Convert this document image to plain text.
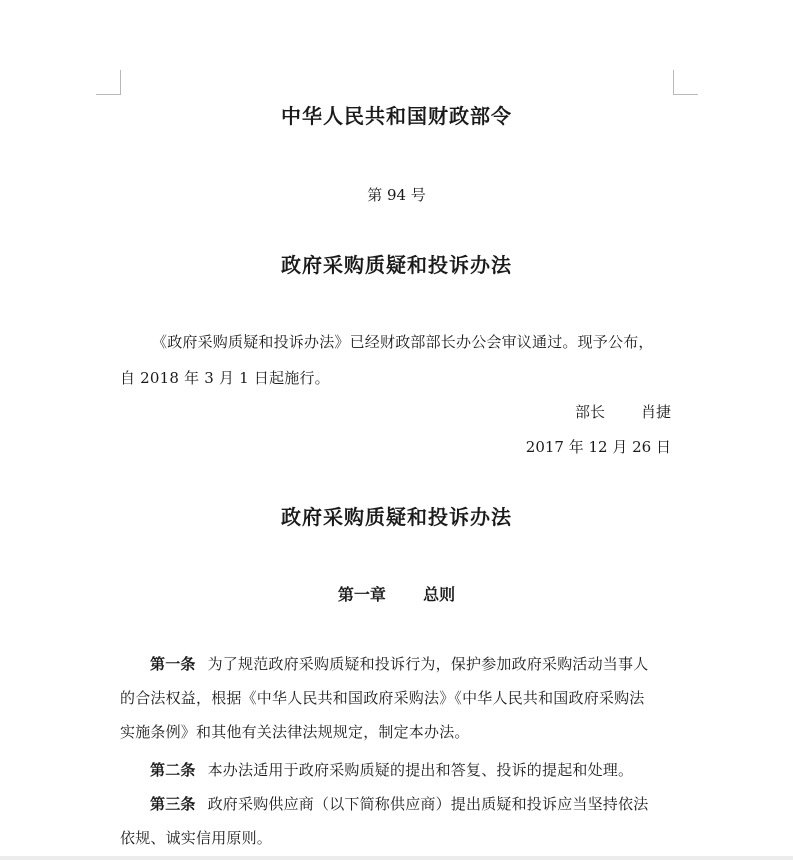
中华人民共和国财政部令
第 94 号
政府采购质疑和投诉办法
《政府采购质疑和投诉办法》已经财政部部长办公会审议通过。现予公布，
自 2018 年 3 月 1 日起施行。
部长 肖捷
2017 年 12 月 26 日
政府采购质疑和投诉办法
第一章 总则
第一条 为了规范政府采购质疑和投诉行为，保护参加政府采购活动当事人
的合法权益，根据《中华人民共和国政府采购法》《中华人民共和国政府采购法
实施条例》和其他有关法律法规规定，制定本办法。
第二条 本办法适用于政府采购质疑的提出和答复、投诉的提起和处理。
第三条 政府采购供应商（以下简称供应商）提出质疑和投诉应当坚持依法
依规、诚实信用原则。
